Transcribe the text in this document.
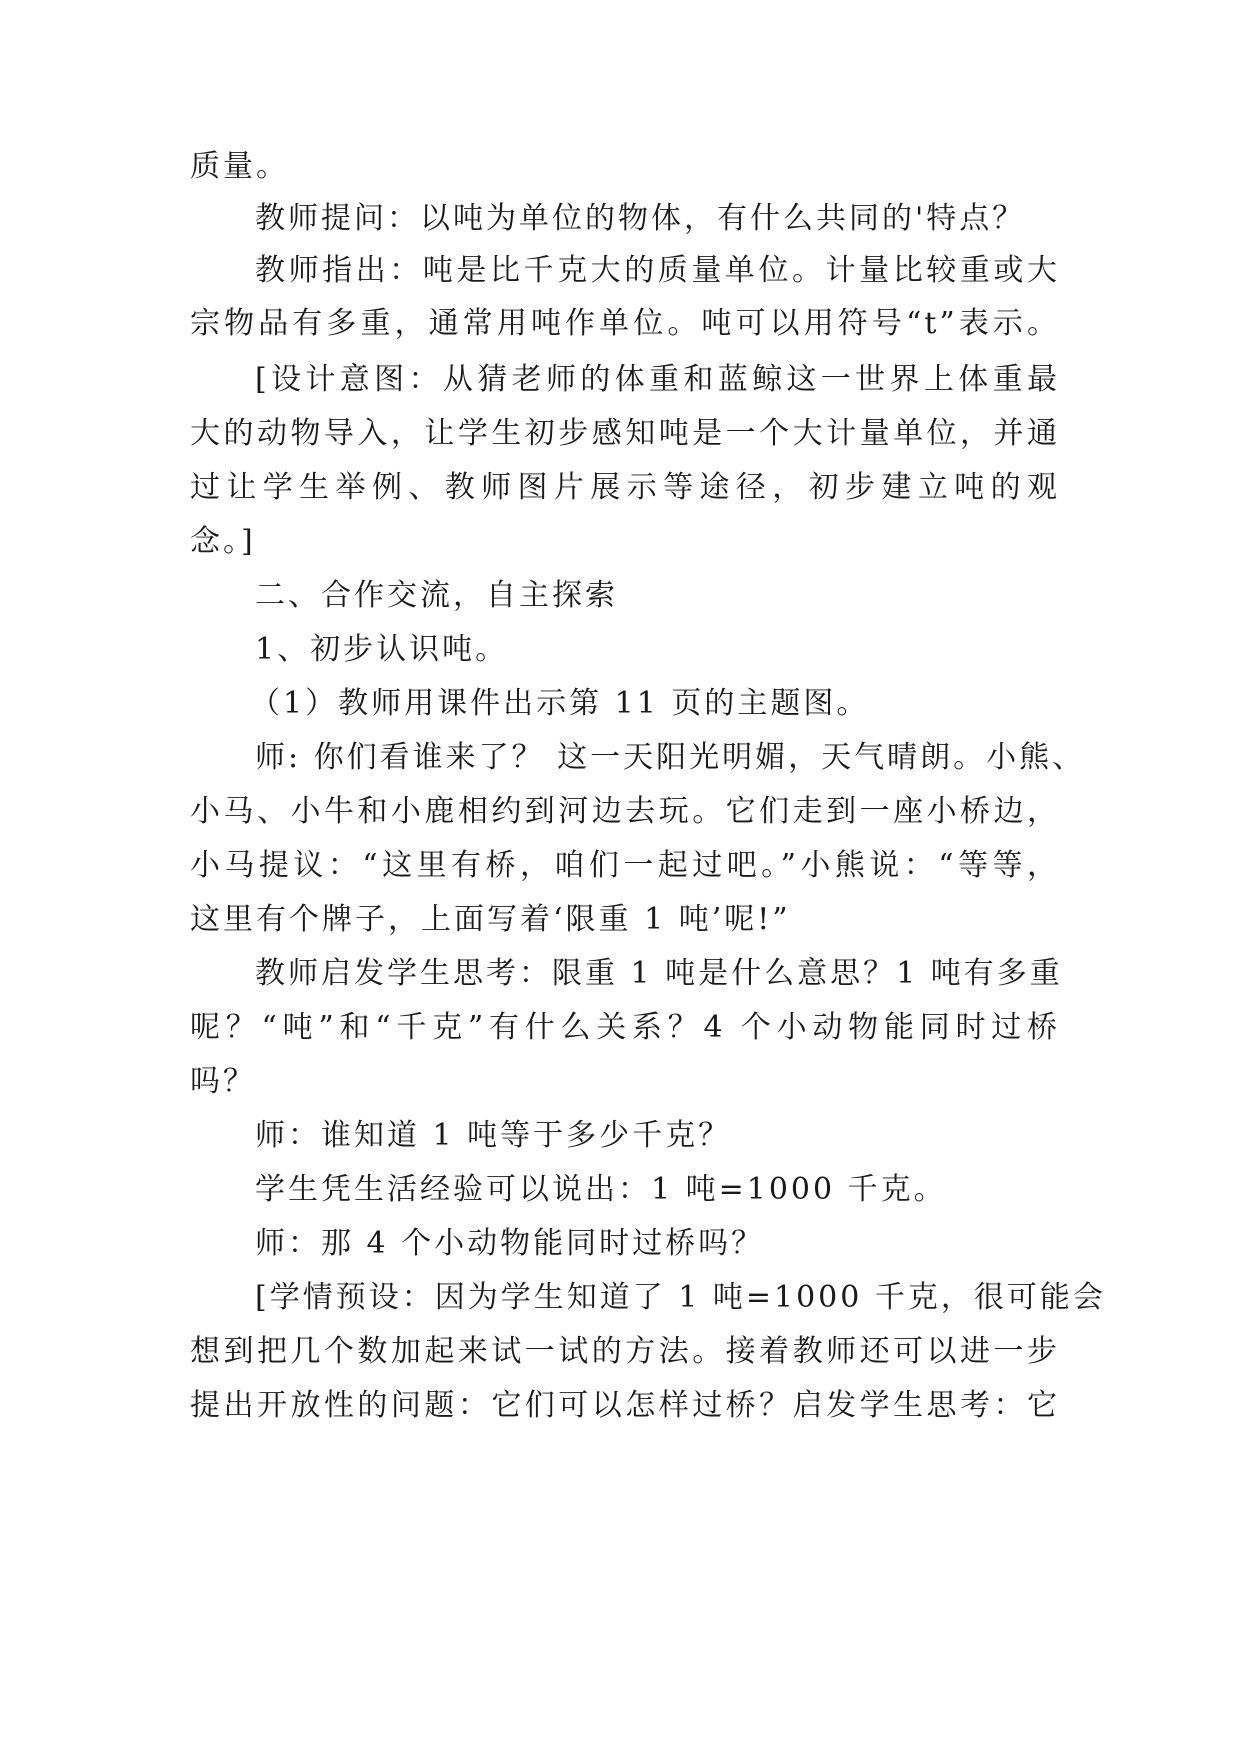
质量。
教师提问：以吨为单位的物体，有什么共同的'特点？
教师指出：吨是比千克大的质量单位。计量比较重或大
宗物品有多重，通常用吨作单位。吨可以用符号“t”表示。
[设计意图：从猜老师的体重和蓝鲸这一世界上体重最
大的动物导入，让学生初步感知吨是一个大计量单位，并通
过让学生举例、教师图片展示等途径，初步建立吨的观
念。]
二、合作交流，自主探索
1、初步认识吨。
（1）教师用课件出示第 11 页的主题图。
师: 你们看谁来了？ 这一天阳光明媚，天气晴朗。小熊、
小马、小牛和小鹿相约到河边去玩。它们走到一座小桥边，
小马提议：“这里有桥，咱们一起过吧。”小熊说：“等等，
这里有个牌子，上面写着‘限重 1 吨’呢!”
教师启发学生思考：限重 1 吨是什么意思？1 吨有多重
呢？“吨”和“千克”有什么关系？4 个小动物能同时过桥
吗？
师：谁知道 1 吨等于多少千克？
学生凭生活经验可以说出：1 吨=1000 千克。
师：那 4 个小动物能同时过桥吗？
[学情预设：因为学生知道了 1 吨=1000 千克，很可能会
想到把几个数加起来试一试的方法。接着教师还可以进一步
提出开放性的问题：它们可以怎样过桥？启发学生思考：它
